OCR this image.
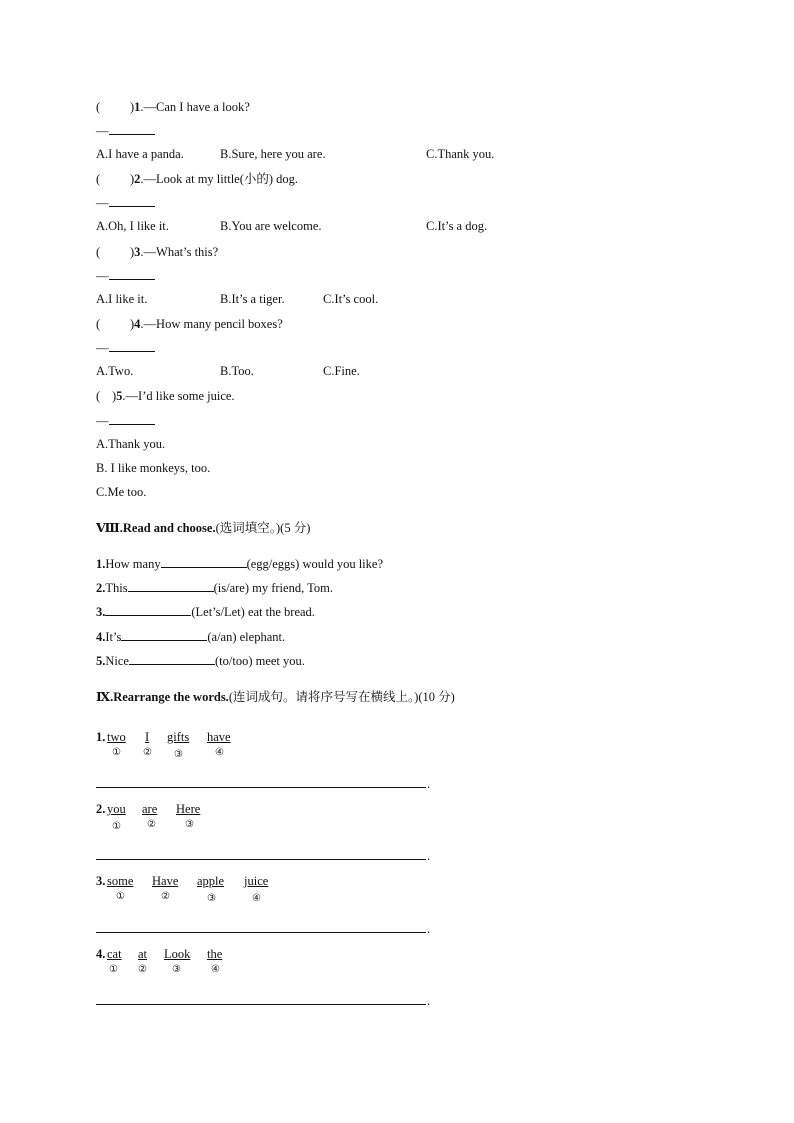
( )1.—Can I have a look?
—
A.I have a panda.	B.Sure, here you are.	C.Thank you.
( )2.—Look at my little(小的) dog.
—
A.Oh, I like it.	B.You are welcome.	C.It’s a dog.
( )3.—What’s this?
—
A.I like it.	B.It’s a tiger.	C.It’s cool.
( )4.—How many pencil boxes?
—
A.Two.	B.Too.	C.Fine.
( )5.—I’d like some juice.
—
A.Thank you.
B. I like monkeys, too.
C.Me too.
Ⅷ.Read and choose.(选词填空。)(5 分)
1.How many	(egg/eggs) would you like?
2.This	(is/are) my friend, Tom.
3.	(Let’s/Let) eat the bread.
4.It’s	(a/an) elephant.
5.Nice	(to/too) meet you.
Ⅸ.Rearrange the words.(连词成句。请将序号写在横线上。)(10 分)
1. two I gifts have
① ② ③	④
.
2. you are Here
①	②	③
.
3. some Have apple juice
①	②	③	④
.
4. cat at Look the
① ②	③	④
.
